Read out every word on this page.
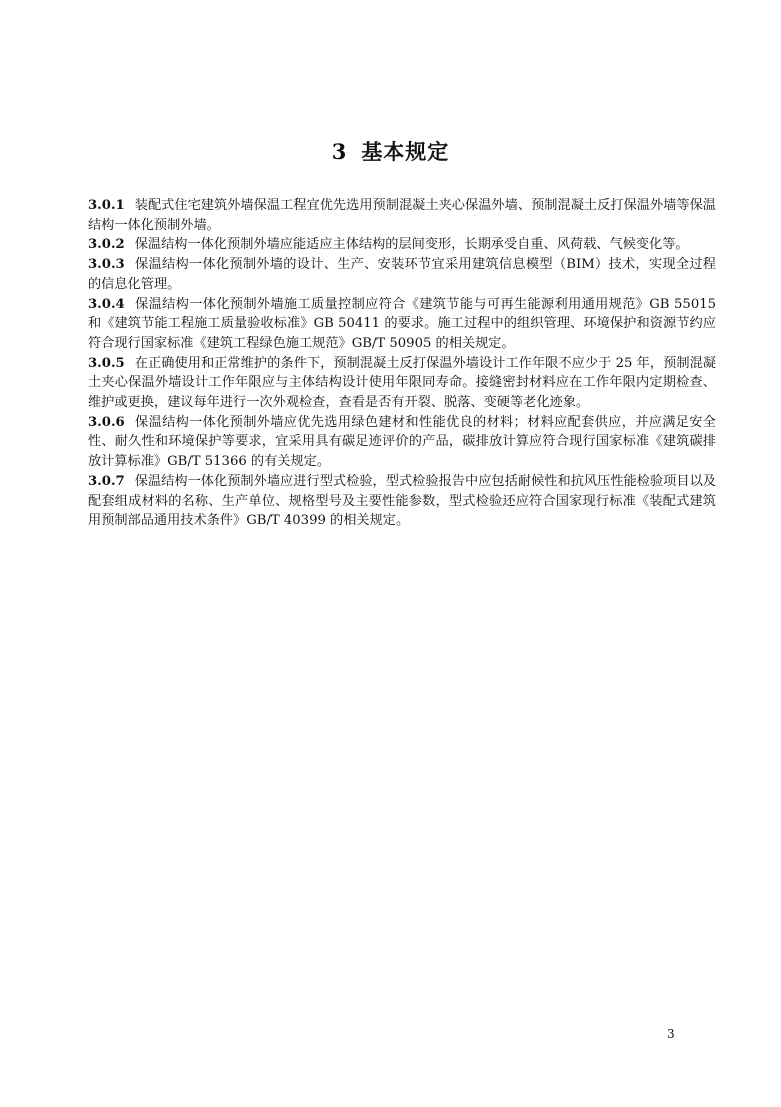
3 基本规定

3.0.1 装配式住宅建筑外墙保温工程宜优先选用预制混凝土夹心保温外墙、预制混凝土反打保温外墙等保温结构一体化预制外墙。

3.0.2 保温结构一体化预制外墙应能适应主体结构的层间变形，长期承受自重、风荷载、气候变化等。

3.0.3 保温结构一体化预制外墙的设计、生产、安装环节宜采用建筑信息模型（BIM）技术，实现全过程的信息化管理。

3.0.4 保温结构一体化预制外墙施工质量控制应符合《建筑节能与可再生能源利用通用规范》GB 55015 和《建筑节能工程施工质量验收标准》GB 50411 的要求。施工过程中的组织管理、环境保护和资源节约应符合现行国家标准《建筑工程绿色施工规范》GB/T 50905 的相关规定。

3.0.5 在正确使用和正常维护的条件下，预制混凝土反打保温外墙设计工作年限不应少于 25 年，预制混凝土夹心保温外墙设计工作年限应与主体结构设计使用年限同寿命。接缝密封材料应在工作年限内定期检查、维护或更换，建议每年进行一次外观检查，查看是否有开裂、脱落、变硬等老化迹象。

3.0.6 保温结构一体化预制外墙应优先选用绿色建材和性能优良的材料；材料应配套供应，并应满足安全性、耐久性和环境保护等要求，宜采用具有碳足迹评价的产品，碳排放计算应符合现行国家标准《建筑碳排放计算标准》GB/T 51366 的有关规定。

3.0.7 保温结构一体化预制外墙应进行型式检验，型式检验报告中应包括耐候性和抗风压性能检验项目以及配套组成材料的名称、生产单位、规格型号及主要性能参数，型式检验还应符合国家现行标准《装配式建筑用预制部品通用技术条件》GB/T 40399 的相关规定。

3
